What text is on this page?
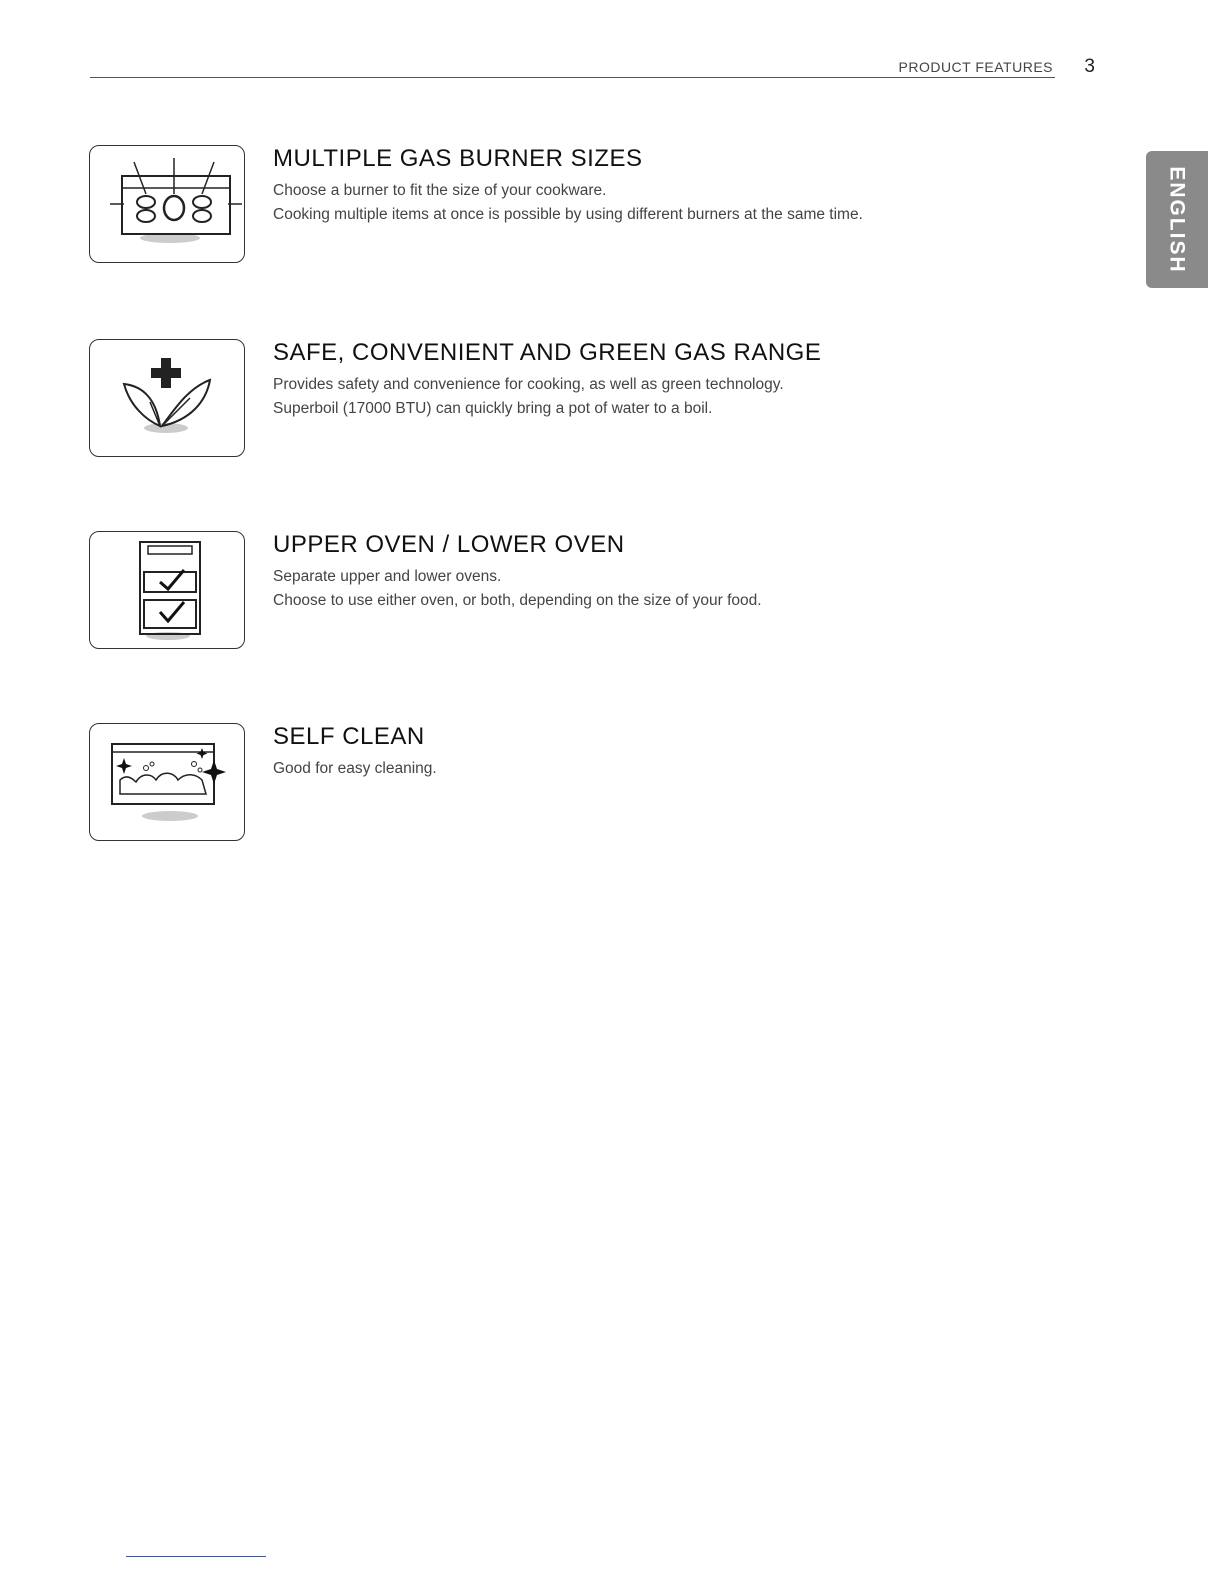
PRODUCT FEATURES 3
ENGLISH
MULTIPLE GAS BURNER SIZES
Choose a burner to fit the size of your cookware.
Cooking multiple items at once is possible by using different burners at the same time.
SAFE, CONVENIENT AND GREEN GAS RANGE
Provides safety and convenience for cooking, as well as green technology.
Superboil (17000 BTU) can quickly bring a pot of water to a boil.
UPPER OVEN / LOWER OVEN
Separate upper and lower ovens.
Choose to use either oven, or both, depending on the size of your food.
SELF CLEAN
Good for easy cleaning.
